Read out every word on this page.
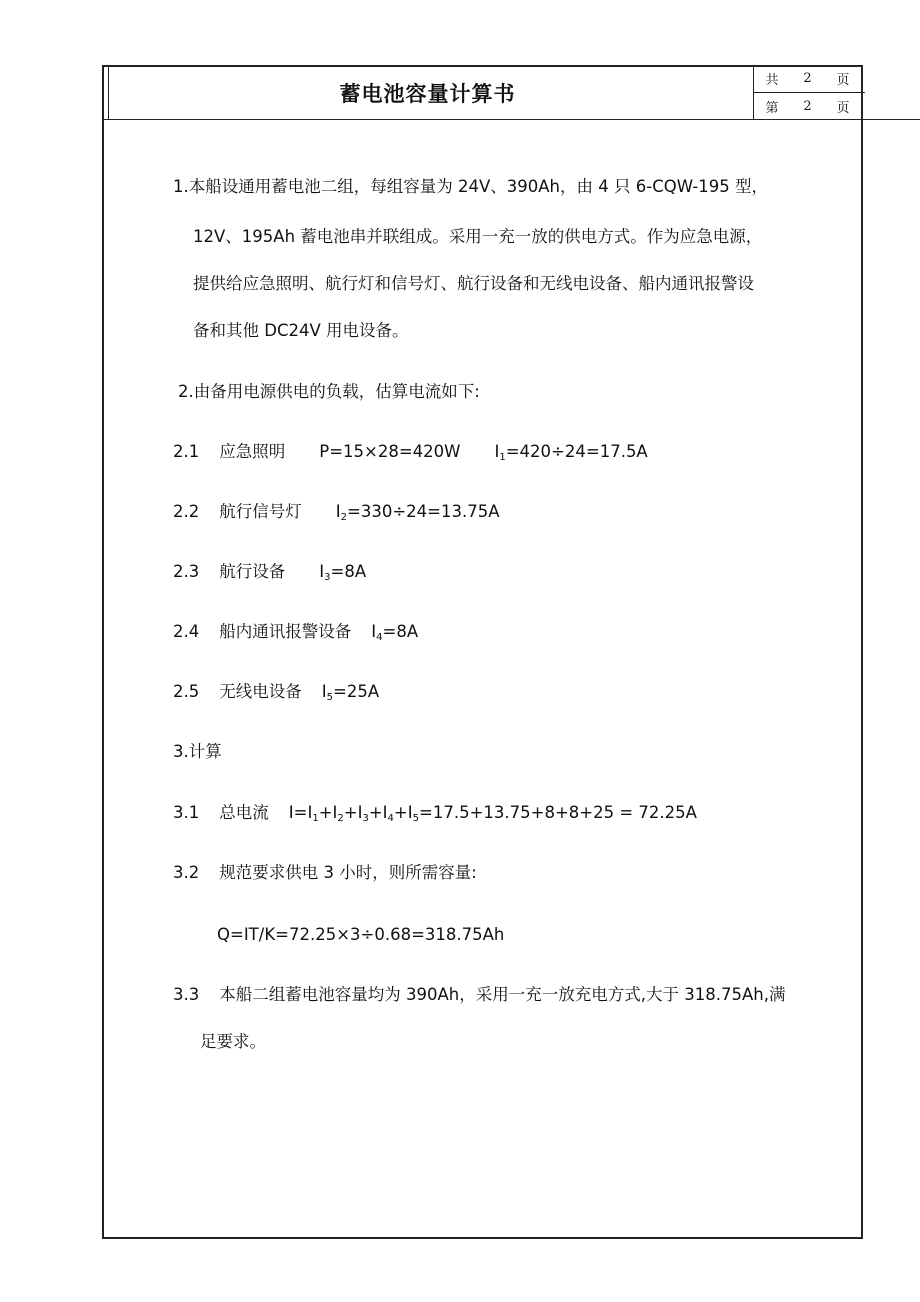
蓄电池容量计算书	共 2 页
第 2 页
1.本船设通用蓄电池二组，每组容量为 24V、390Ah，由 4 只 6-CQW-195 型，
12V、195Ah 蓄电池串并联组成。采用一充一放的供电方式。作为应急电源，
提供给应急照明、航行灯和信号灯、航行设备和无线电设备、船内通讯报警设
备和其他 DC24V 用电设备。
2.由备用电源供电的负载，估算电流如下:
2.1 应急照明 P=15×28=420W $I_1=420\div 24=17.5A$
2.2 航行信号灯 $I_2=330\div 24=13.75A$
2.3 航行设备 $I_3=8A$
2.4 船内通讯报警设备 $I_4=8A$
2.5 无线电设备 $I_5=25A$
3.计算
3.1 总电流 $I=I_1+I_2+I_3+I_4+I_5=17.5+13.75+8+8+25 = 72.25A$
3.2 规范要求供电 3 小时，则所需容量:
Q=IT/K=72.25×3÷0.68=318.75Ah
3.3 本船二组蓄电池容量均为 390Ah，采用一充一放充电方式,大于 318.75Ah,满
足要求。
